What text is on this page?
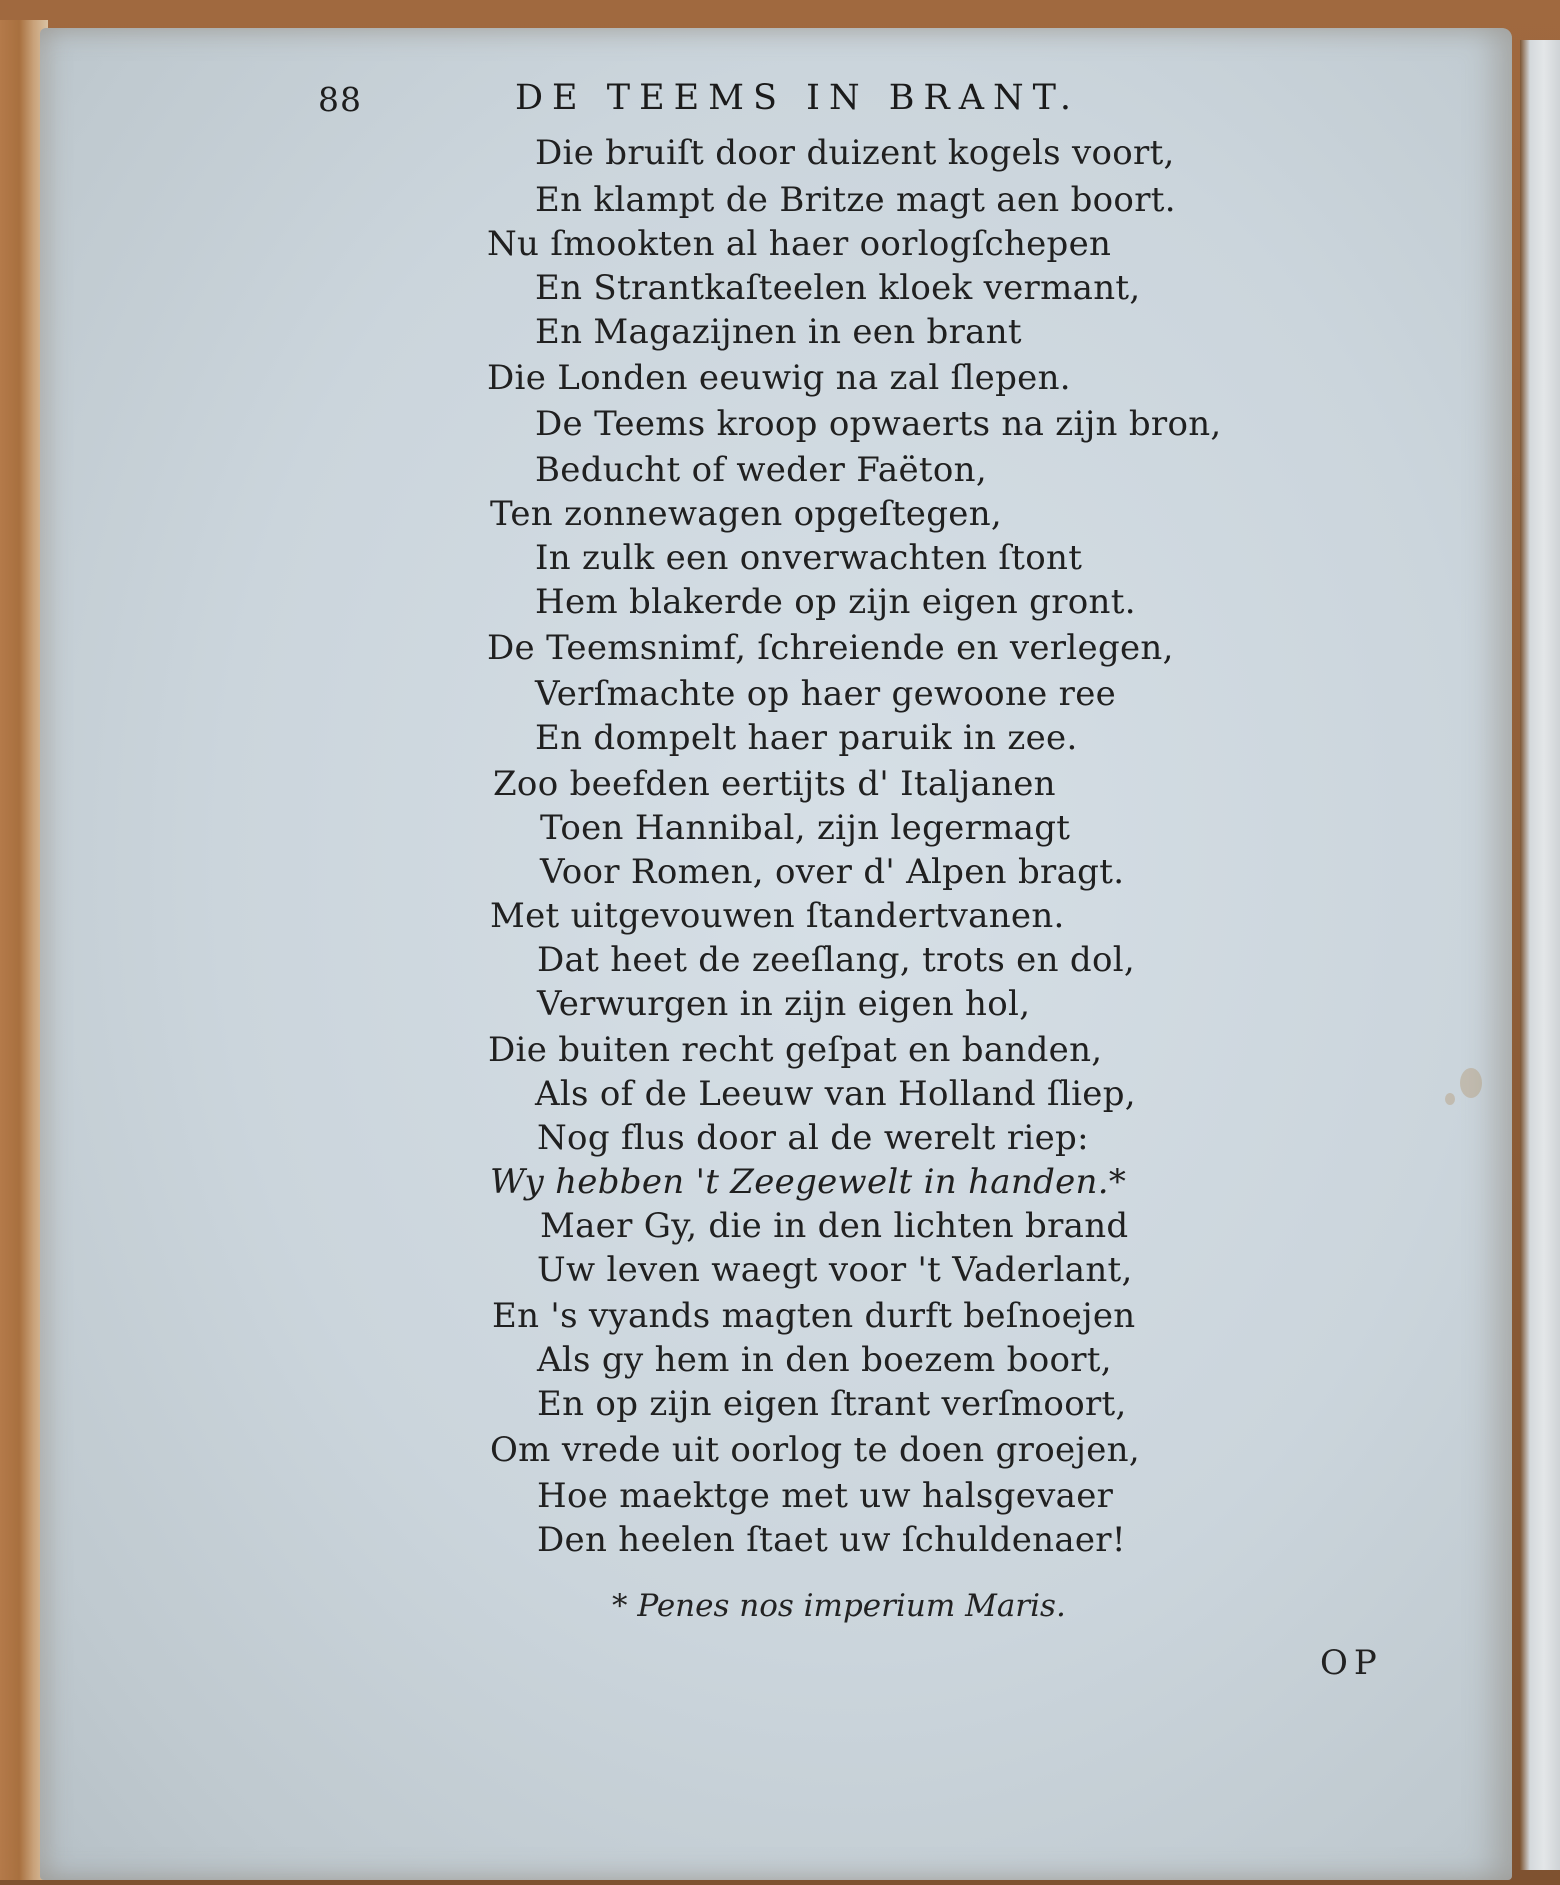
88	DE TEEMS IN BRANT.

Die bruiſt door duizent kogels voort,
En klampt de Britze magt aen boort.
Nu ſmookten al haer oorlogſchepen
En Strantkaſteelen kloek vermant,
En Magazijnen in een brant
Die Londen eeuwig na zal ſlepen.
De Teems kroop opwaerts na zijn bron,
Beducht of weder Faëton,
Ten zonnewagen opgeſtegen,
In zulk een onverwachten ſtont
Hem blakerde op zijn eigen gront.
De Teemsnimf, ſchreiende en verlegen,
Verſmachte op haer gewoone ree
En dompelt haer paruik in zee.
Zoo beefden eertijts d' Italjanen
Toen Hannibal, zijn legermagt
Voor Romen, over d' Alpen bragt.
Met uitgevouwen ſtandertvanen.
Dat heet de zeeſlang, trots en dol,
Verwurgen in zijn eigen hol,
Die buiten recht geſpat en banden,
Als of de Leeuw van Holland ſliep,
Nog flus door al de werelt riep:
Wy hebben 't Zeegewelt in handen.*
Maer Gy, die in den lichten brand
Uw leven waegt voor 't Vaderlant,
En 's vyands magten durft beſnoejen
Als gy hem in den boezem boort,
En op zijn eigen ſtrant verſmoort,
Om vrede uit oorlog te doen groejen,
Hoe maektge met uw halsgevaer
Den heelen ſtaet uw ſchuldenaer!

* Penes nos imperium Maris.

OP
